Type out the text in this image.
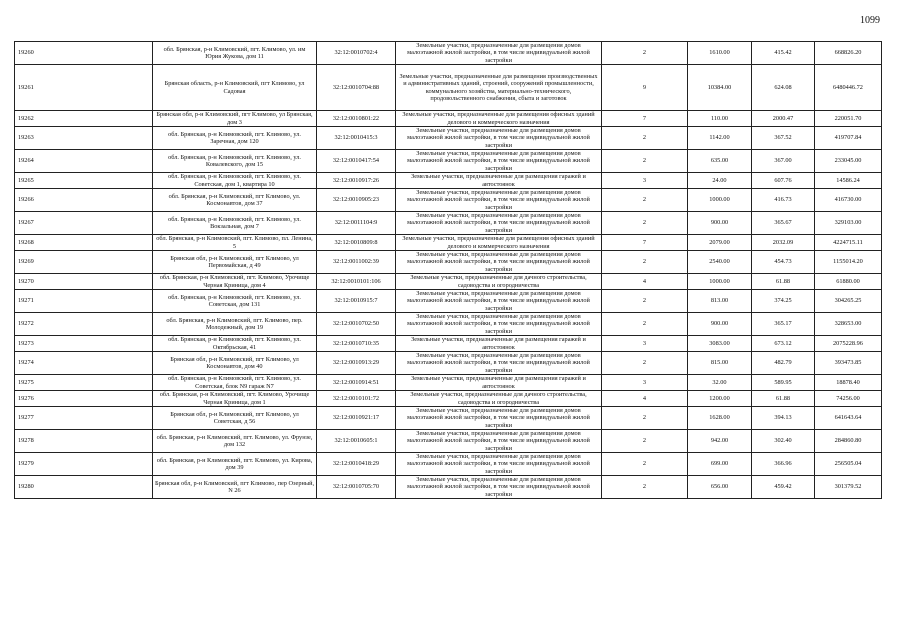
1099
19260	обл. Брянская, р-н Климовский, пгт. Климово, ул. им Юрия Жукова, дом 11	32:12:0010702:4	Земельные участки, предназначенные для размещения домов малоэтажной жилой застройки, в том числе индивидуальной жилой застройки	2	1610.00	415.42	668826.20
19261	Брянская область, р-н Климовский, пгт Климово, ул Садовая	32:12:0010704:88	Земельные участки, предназначенные для размещения производственных и административных зданий, строений, сооружений промышленности, коммунального хозяйства, материально-технического, продовольственного снабжения, сбыта и заготовок	9	10384.00	624.08	6480446.72
19262	Брянская обл, р-н Климовский, пгт Климово, ул Брянская, дом 3	32:12:0010801:22	Земельные участки, предназначенные для размещения офисных зданий делового и коммерческого назначения	7	110.00	2000.47	220051.70
19263	обл. Брянская, р-н Климовский, пгт. Климово, ул. Заречная, дом 120	32:12:0010415:3	Земельные участки, предназначенные для размещения домов малоэтажной жилой застройки, в том числе индивидуальной жилой застройки	2	1142.00	367.52	419707.84
19264	обл. Брянская, р-н Климовский, пгт. Климово, ул. Ковалевского, дом 15	32:12:0010417:54	Земельные участки, предназначенные для размещения домов малоэтажной жилой застройки, в том числе индивидуальной жилой застройки	2	635.00	367.00	233045.00
19265	обл. Брянская, р-н Климовский, пгт. Климово, ул. Советская, дом 1, квартира 10	32:12:0010917:26	Земельные участки, предназначенные для размещения гаражей и автостоянок	3	24.00	607.76	14586.24
19266	обл. Брянская, р-н Климовский, пгт Климово, ул. Космонавтов, дом 37	32:12:0010905:23	Земельные участки, предназначенные для размещения домов малоэтажной жилой застройки, в том числе индивидуальной жилой застройки	2	1000.00	416.73	416730.00
19267	обл. Брянская, р-н Климовский, пгт. Климово, ул. Вокзальная, дом 7	32:12:0011104:9	Земельные участки, предназначенные для размещения домов малоэтажной жилой застройки, в том числе индивидуальной жилой застройки	2	900.00	365.67	329103.00
19268	обл. Брянская, р-н Климовский, пгт. Климово, пл. Ленина, 5	32:12:0010809:8	Земельные участки, предназначенные для размещения офисных зданий делового и коммерческого назначения	7	2079.00	2032.09	4224715.11
19269	Брянская обл, р-н Климовский, пгт Климово, ул Первомайская, д 49	32:12:0011002:39	Земельные участки, предназначенные для размещения домов малоэтажной жилой застройки, в том числе индивидуальной жилой застройки	2	2540.00	454.73	1155014.20
19270	обл. Брянская, р-н Климовский, пгт. Климово, Урочище Черная Криница, дом 4	32:12:0010101:106	Земельные участки, предназначенные для дачного строительства, садоводства и огородничества	4	1000.00	61.88	61880.00
19271	обл. Брянская, р-н Климовский, пгт. Климово, ул. Советская, дом 131	32:12:0010915:7	Земельные участки, предназначенные для размещения домов малоэтажной жилой застройки, в том числе индивидуальной жилой застройки	2	813.00	374.25	304265.25
19272	обл. Брянская, р-н Климовский, пгт. Климово, пер. Молодежный, дом 19	32:12:0010702:50	Земельные участки, предназначенные для размещения домов малоэтажной жилой застройки, в том числе индивидуальной жилой застройки	2	900.00	365.17	328653.00
19273	обл. Брянская, р-н Климовский, пгт. Климово, ул. Октябрьская, 41	32:12:0010710:35	Земельные участки, предназначенные для размещения гаражей и автостоянок	3	3083.00	673.12	2075228.96
19274	Брянская обл, р-н Климовский, пгт Климово, ул Космонавтов, дом 40	32:12:0010913:29	Земельные участки, предназначенные для размещения домов малоэтажной жилой застройки, в том числе индивидуальной жилой застройки	2	815.00	482.79	393473.85
19275	обл. Брянская, р-н Климовский, пгт. Климово, ул. Советская, блок N9 гараж N7	32:12:0010914:51	Земельные участки, предназначенные для размещения гаражей и автостоянок	3	32.00	589.95	18878.40
19276	обл. Брянская, р-н Климовский, пгт. Климово, Урочище Черная Криница, дом 1	32:12:0010101:72	Земельные участки, предназначенные для дачного строительства, садоводства и огородничества	4	1200.00	61.88	74256.00
19277	Брянская обл, р-н Климовский, пгт Климово, ул Советская, д 56	32:12:0010921:17	Земельные участки, предназначенные для размещения домов малоэтажной жилой застройки, в том числе индивидуальной жилой застройки	2	1628.00	394.13	641643.64
19278	обл. Брянская, р-н Климовский, пгт. Климово, ул. Фрунзе, дом 132	32:12:0010605:1	Земельные участки, предназначенные для размещения домов малоэтажной жилой застройки, в том числе индивидуальной жилой застройки	2	942.00	302.40	284860.80
19279	обл. Брянская, р-н Климовский, пгт. Климово, ул. Кирова, дом 39	32:12:0010418:29	Земельные участки, предназначенные для размещения домов малоэтажной жилой застройки, в том числе индивидуальной жилой застройки	2	699.00	366.96	256505.04
19280	Брянская обл, р-н Климовский, пгт Климово, пер Озерный, N 26	32:12:0010705:70	Земельные участки, предназначенные для размещения домов малоэтажной жилой застройки, в том числе индивидуальной жилой застройки	2	656.00	459.42	301379.52
